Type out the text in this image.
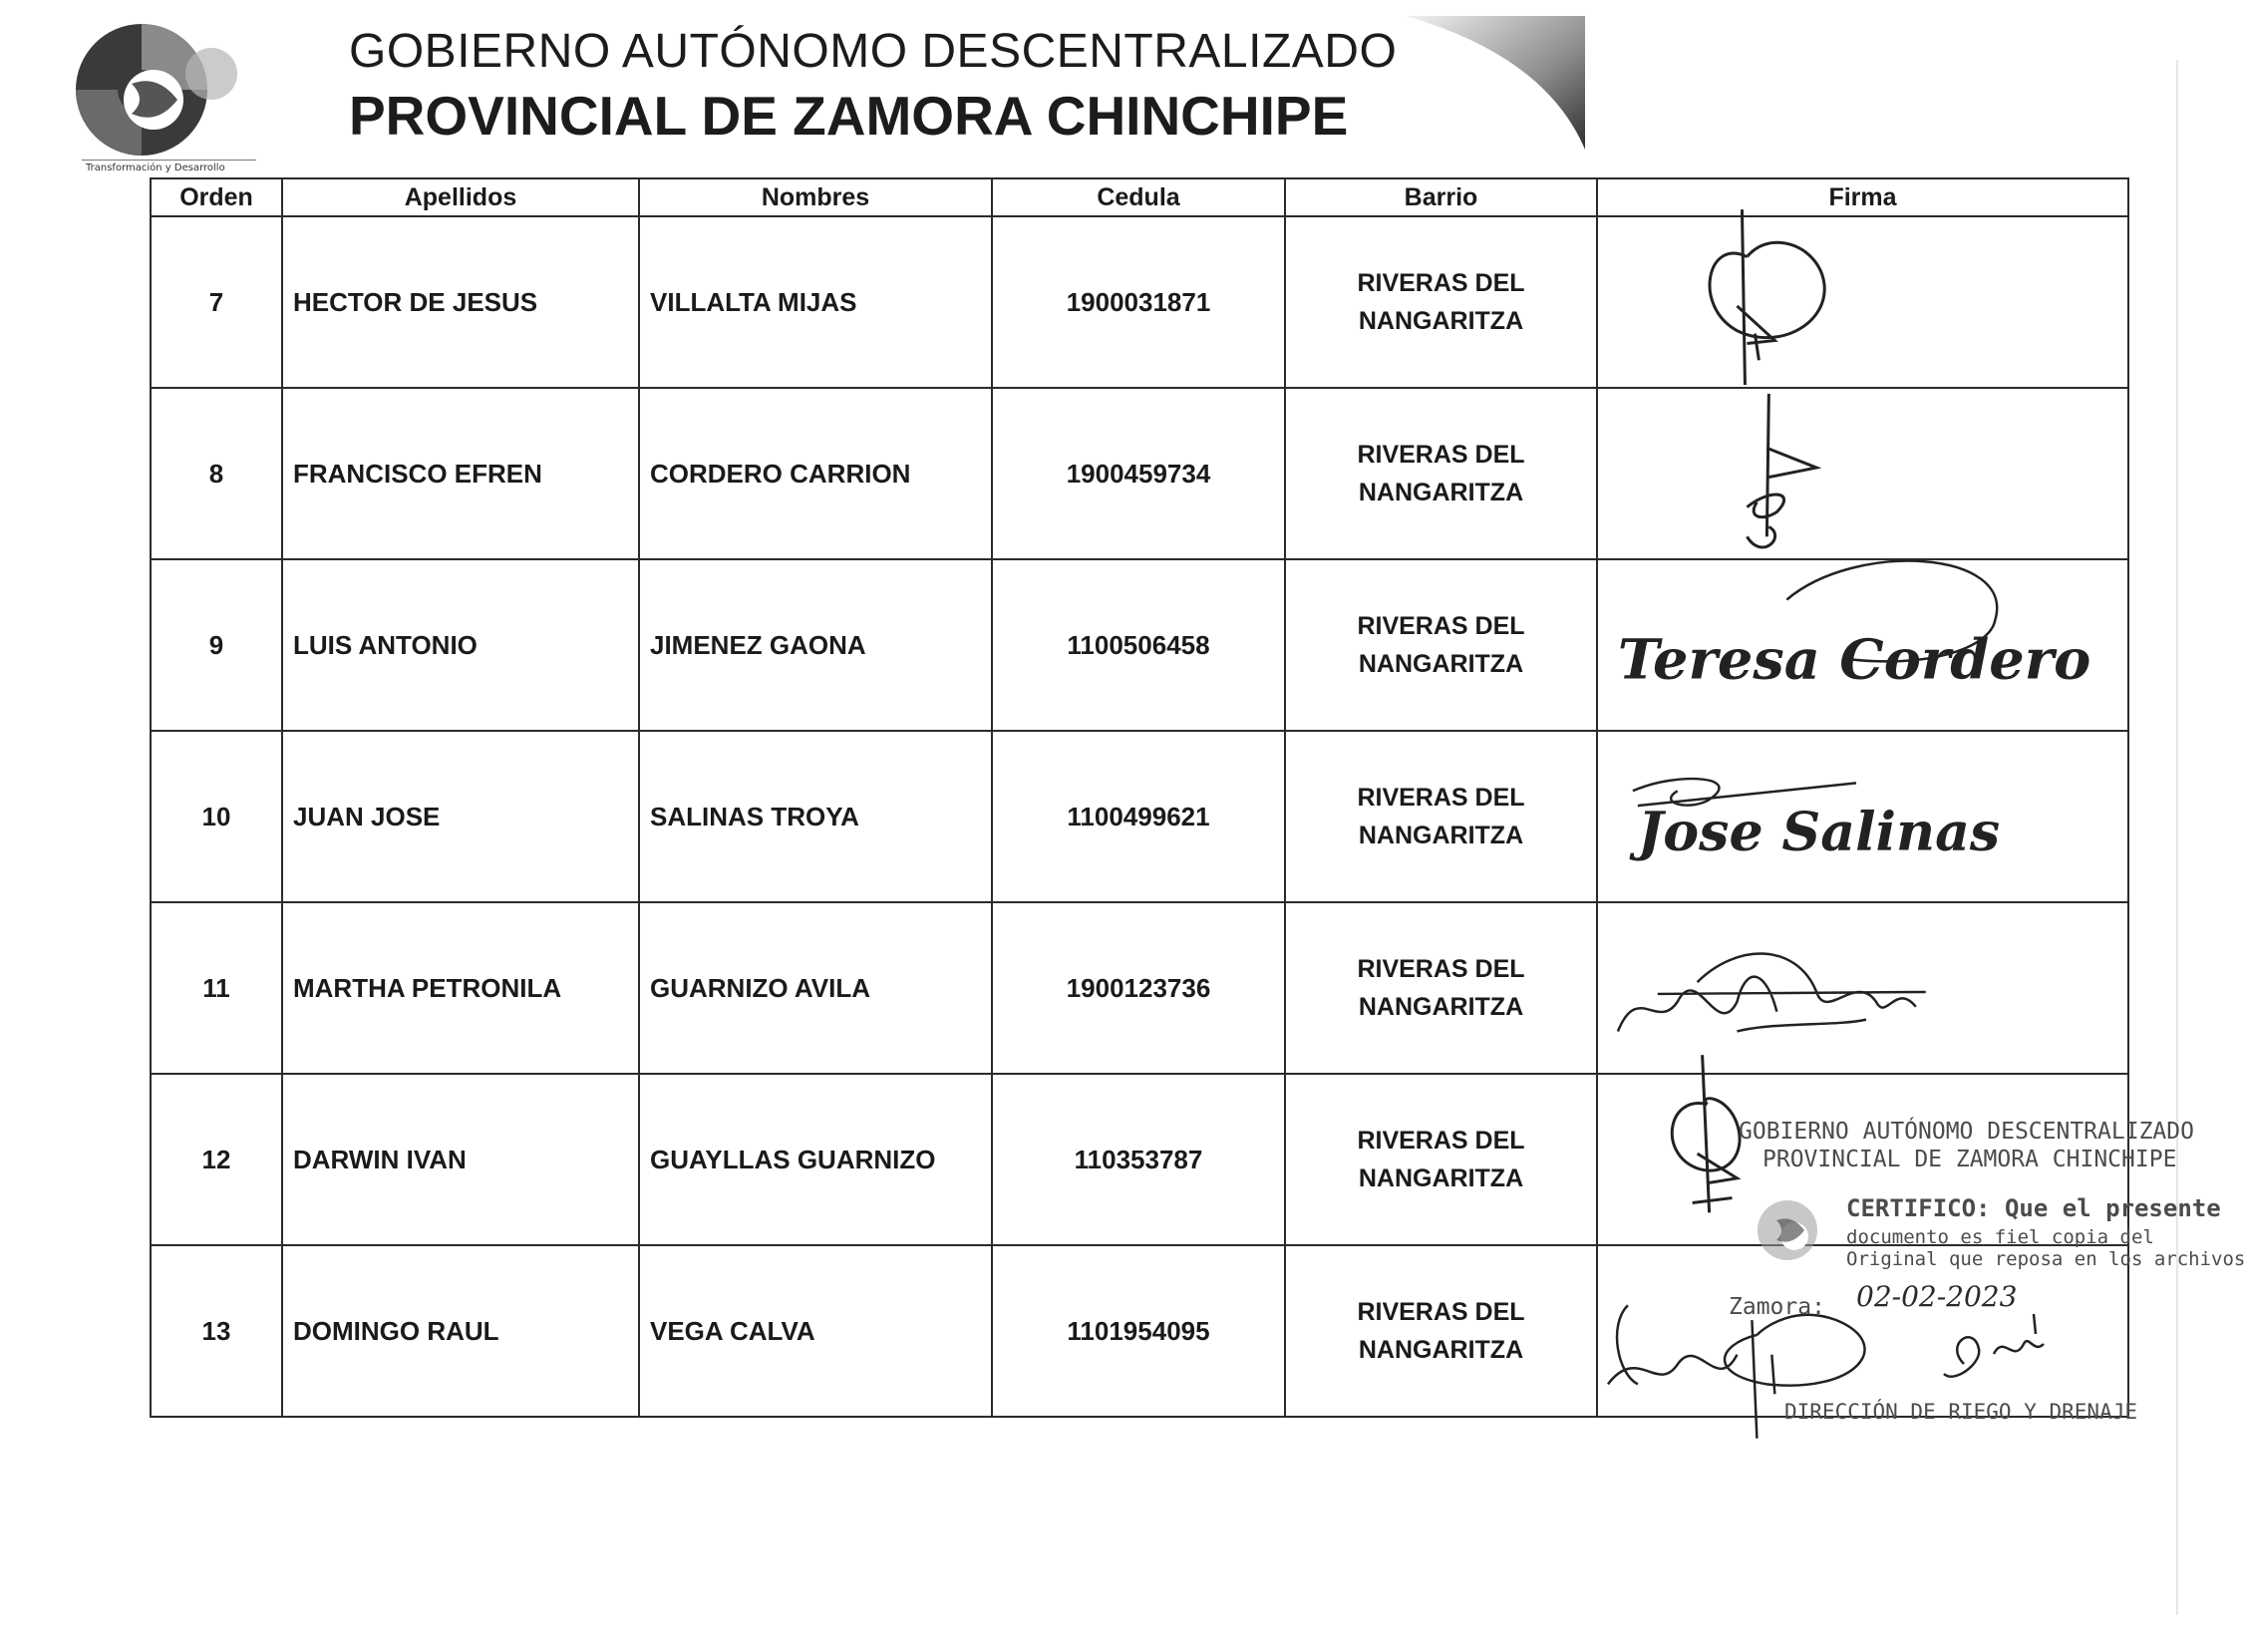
Transformación y Desarrollo
GOBIERNO AUTÓNOMO DESCENTRALIZADO
PROVINCIAL DE ZAMORA CHINCHIPE
Orden	Apellidos	Nombres	Cedula	Barrio	Firma
7	HECTOR DE JESUS	VILLALTA MIJAS	1900031871	RIVERAS DEL
NANGARITZA	

8	FRANCISCO EFREN	CORDERO CARRION	1900459734	RIVERAS DEL
NANGARITZA	

9	LUIS ANTONIO	JIMENEZ GAONA	1100506458	RIVERAS DEL
NANGARITZA	Teresa Cordero

10	JUAN JOSE	SALINAS TROYA	1100499621	RIVERAS DEL
NANGARITZA	Jose Salinas

11	MARTHA PETRONILA	GUARNIZO AVILA	1900123736	RIVERAS DEL
NANGARITZA	

12	DARWIN IVAN	GUAYLLAS GUARNIZO	110353787	RIVERAS DEL
NANGARITZA	

13	DOMINGO RAUL	VEGA CALVA	1101954095	RIVERAS DEL
NANGARITZA	
GOBIERNO AUTÓNOMO DESCENTRALIZADO
PROVINCIAL DE ZAMORA CHINCHIPE
CERTIFICO: Que el presente
documento es fiel copia del
Original que reposa en los archivos
Zamora: 02-02-2023
DIRECCIÓN DE RIEGO Y DRENAJE
